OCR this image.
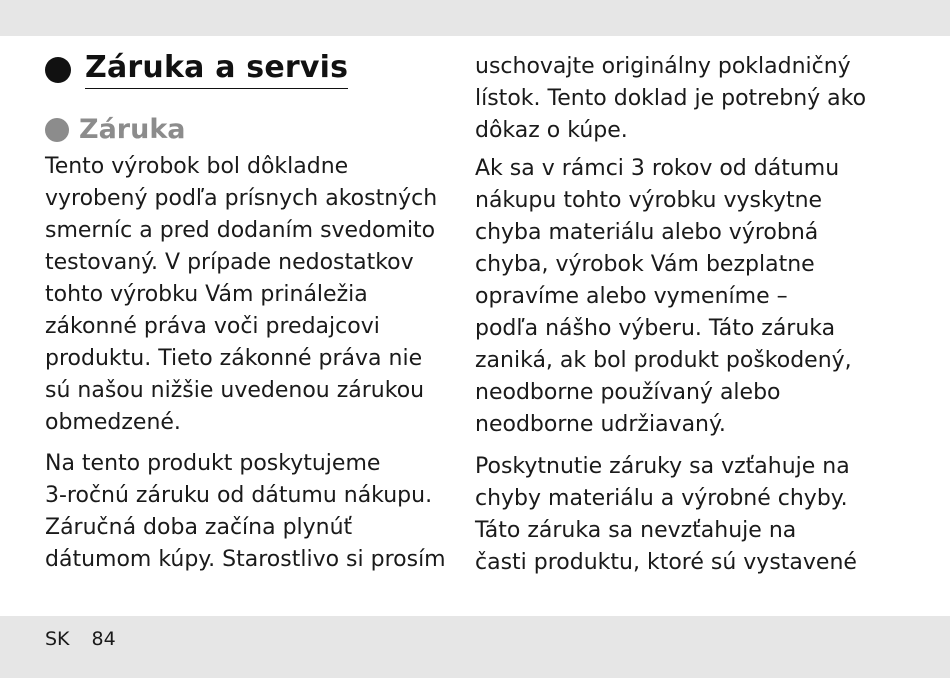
Záruka a servis
Záruka

Tento výrobok bol dôkladne
vyrobený podľa prísnych akostných
smerníc a pred dodaním svedomito
testovaný. V prípade nedostatkov
tohto výrobku Vám prináležia
zákonné práva voči predajcovi
produktu. Tieto zákonné práva nie
sú našou nižšie uvedenou zárukou
obmedzené.

Na tento produkt poskytujeme
3-ročnú záruku od dátumu nákupu.
Záručná doba začína plynúť
dátumom kúpy. Starostlivo si prosím

uschovajte originálny pokladničný
lístok. Tento doklad je potrebný ako
dôkaz o kúpe.

Ak sa v rámci 3 rokov od dátumu
nákupu tohto výrobku vyskytne
chyba materiálu alebo výrobná
chyba, výrobok Vám bezplatne
opravíme alebo vymeníme –
podľa nášho výberu. Táto záruka
zaniká, ak bol produkt poškodený,
neodborne používaný alebo
neodborne udržiavaný.

Poskytnutie záruky sa vzťahuje na
chyby materiálu a výrobné chyby.
Táto záruka sa nevzťahuje na
časti produktu, ktoré sú vystavené

SK 84
